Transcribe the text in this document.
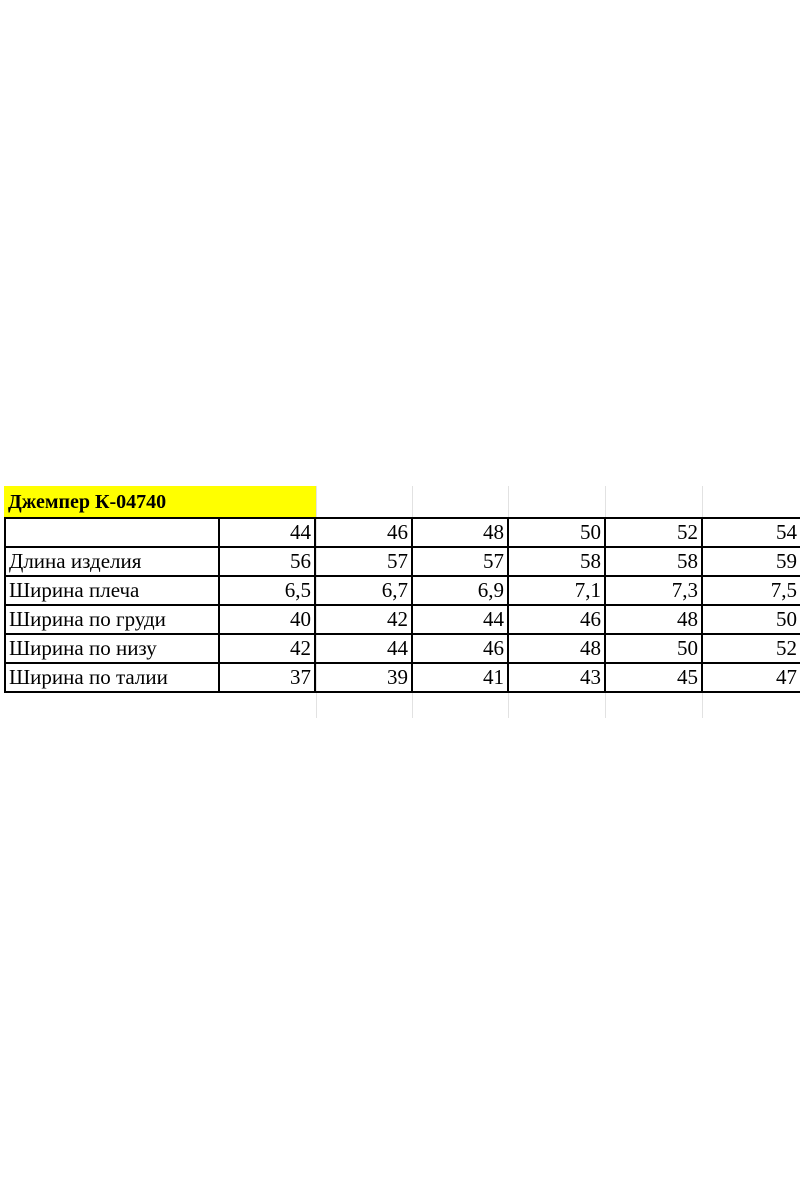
Джемпер К-04740
	44	46	48	50	52	54
Длина изделия	56	57	57	58	58	59
Ширина плеча	6,5	6,7	6,9	7,1	7,3	7,5
Ширина по груди	40	42	44	46	48	50
Ширина по низу	42	44	46	48	50	52
Ширина по талии	37	39	41	43	45	47
